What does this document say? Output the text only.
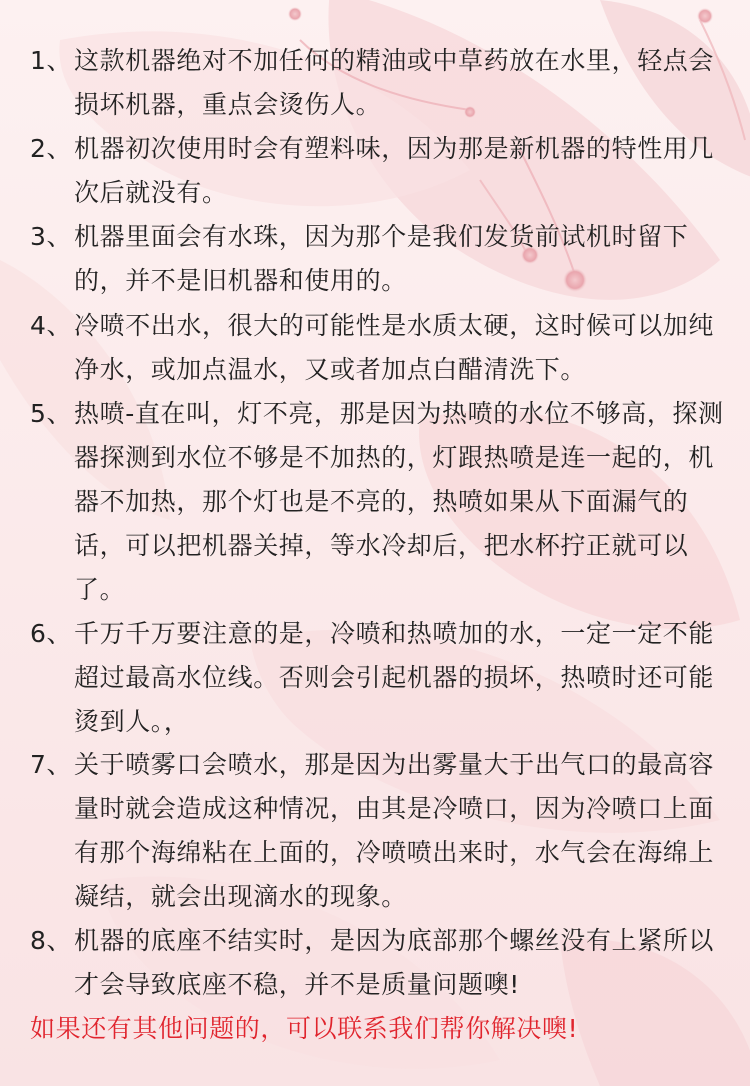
1、 这款机器绝对不加任何的精油或中草药放在水里，轻点会损坏机器，重点会烫伤人。
2、 机器初次使用时会有塑料味，因为那是新机器的特性用几次后就没有。
3、 机器里面会有水珠，因为那个是我们发货前试机时留下的，并不是旧机器和使用的。
4、 冷喷不出水，很大的可能性是水质太硬，这时候可以加纯净水，或加点温水，又或者加点白醋清洗下。
5、 热喷-直在叫，灯不亮，那是因为热喷的水位不够高，探测器探测到水位不够是不加热的，灯跟热喷是连一起的，机器不加热，那个灯也是不亮的，热喷如果从下面漏气的话，可以把机器关掉，等水冷却后，把水杯拧正就可以了。
6、 千万千万要注意的是，冷喷和热喷加的水，一定一定不能超过最高水位线。否则会引起机器的损坏，热喷时还可能烫到人。，
7、 关于喷雾口会喷水，那是因为出雾量大于出气口的最高容量时就会造成这种情况，由其是冷喷口，因为冷喷口上面有那个海绵粘在上面的，冷喷喷出来时，水气会在海绵上凝结，就会出现滴水的现象。
8、 机器的底座不结实时，是因为底部那个螺丝没有上紧所以才会导致底座不稳，并不是质量问题噢!
如果还有其他问题的，可以联系我们帮你解决噢!
